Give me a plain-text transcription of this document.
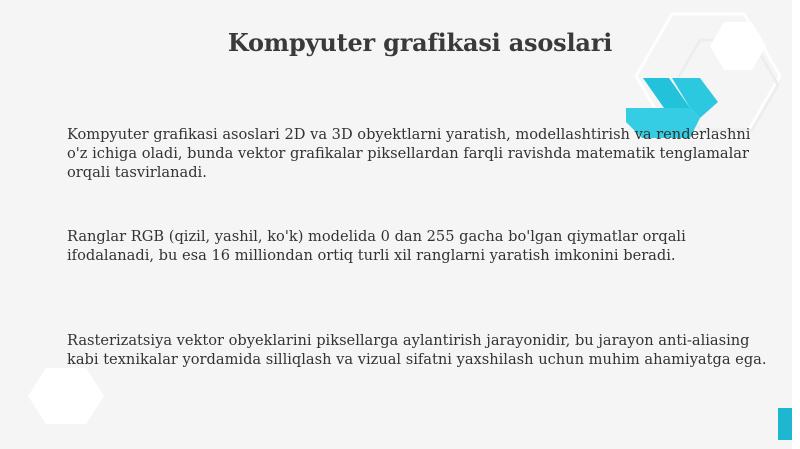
Kompyuter grafikasi asoslari

Kompyuter grafikasi asoslari 2D va 3D obyektlarni yaratish, modellashtirish va renderlashni o'z ichiga oladi, bunda vektor grafikalar piksellardan farqli ravishda matematik tenglamalar orqali tasvirlanadi.

Ranglar RGB (qizil, yashil, ko'k) modelida 0 dan 255 gacha bo'lgan qiymatlar orqali ifodalanadi, bu esa 16 milliondan ortiq turli xil ranglarni yaratish imkonini beradi.

Rasterizatsiya vektor obyeklarini piksellarga aylantirish jarayonidir, bu jarayon anti-aliasing kabi texnikalar yordamida silliqlash va vizual sifatni yaxshilash uchun muhim ahamiyatga ega.
